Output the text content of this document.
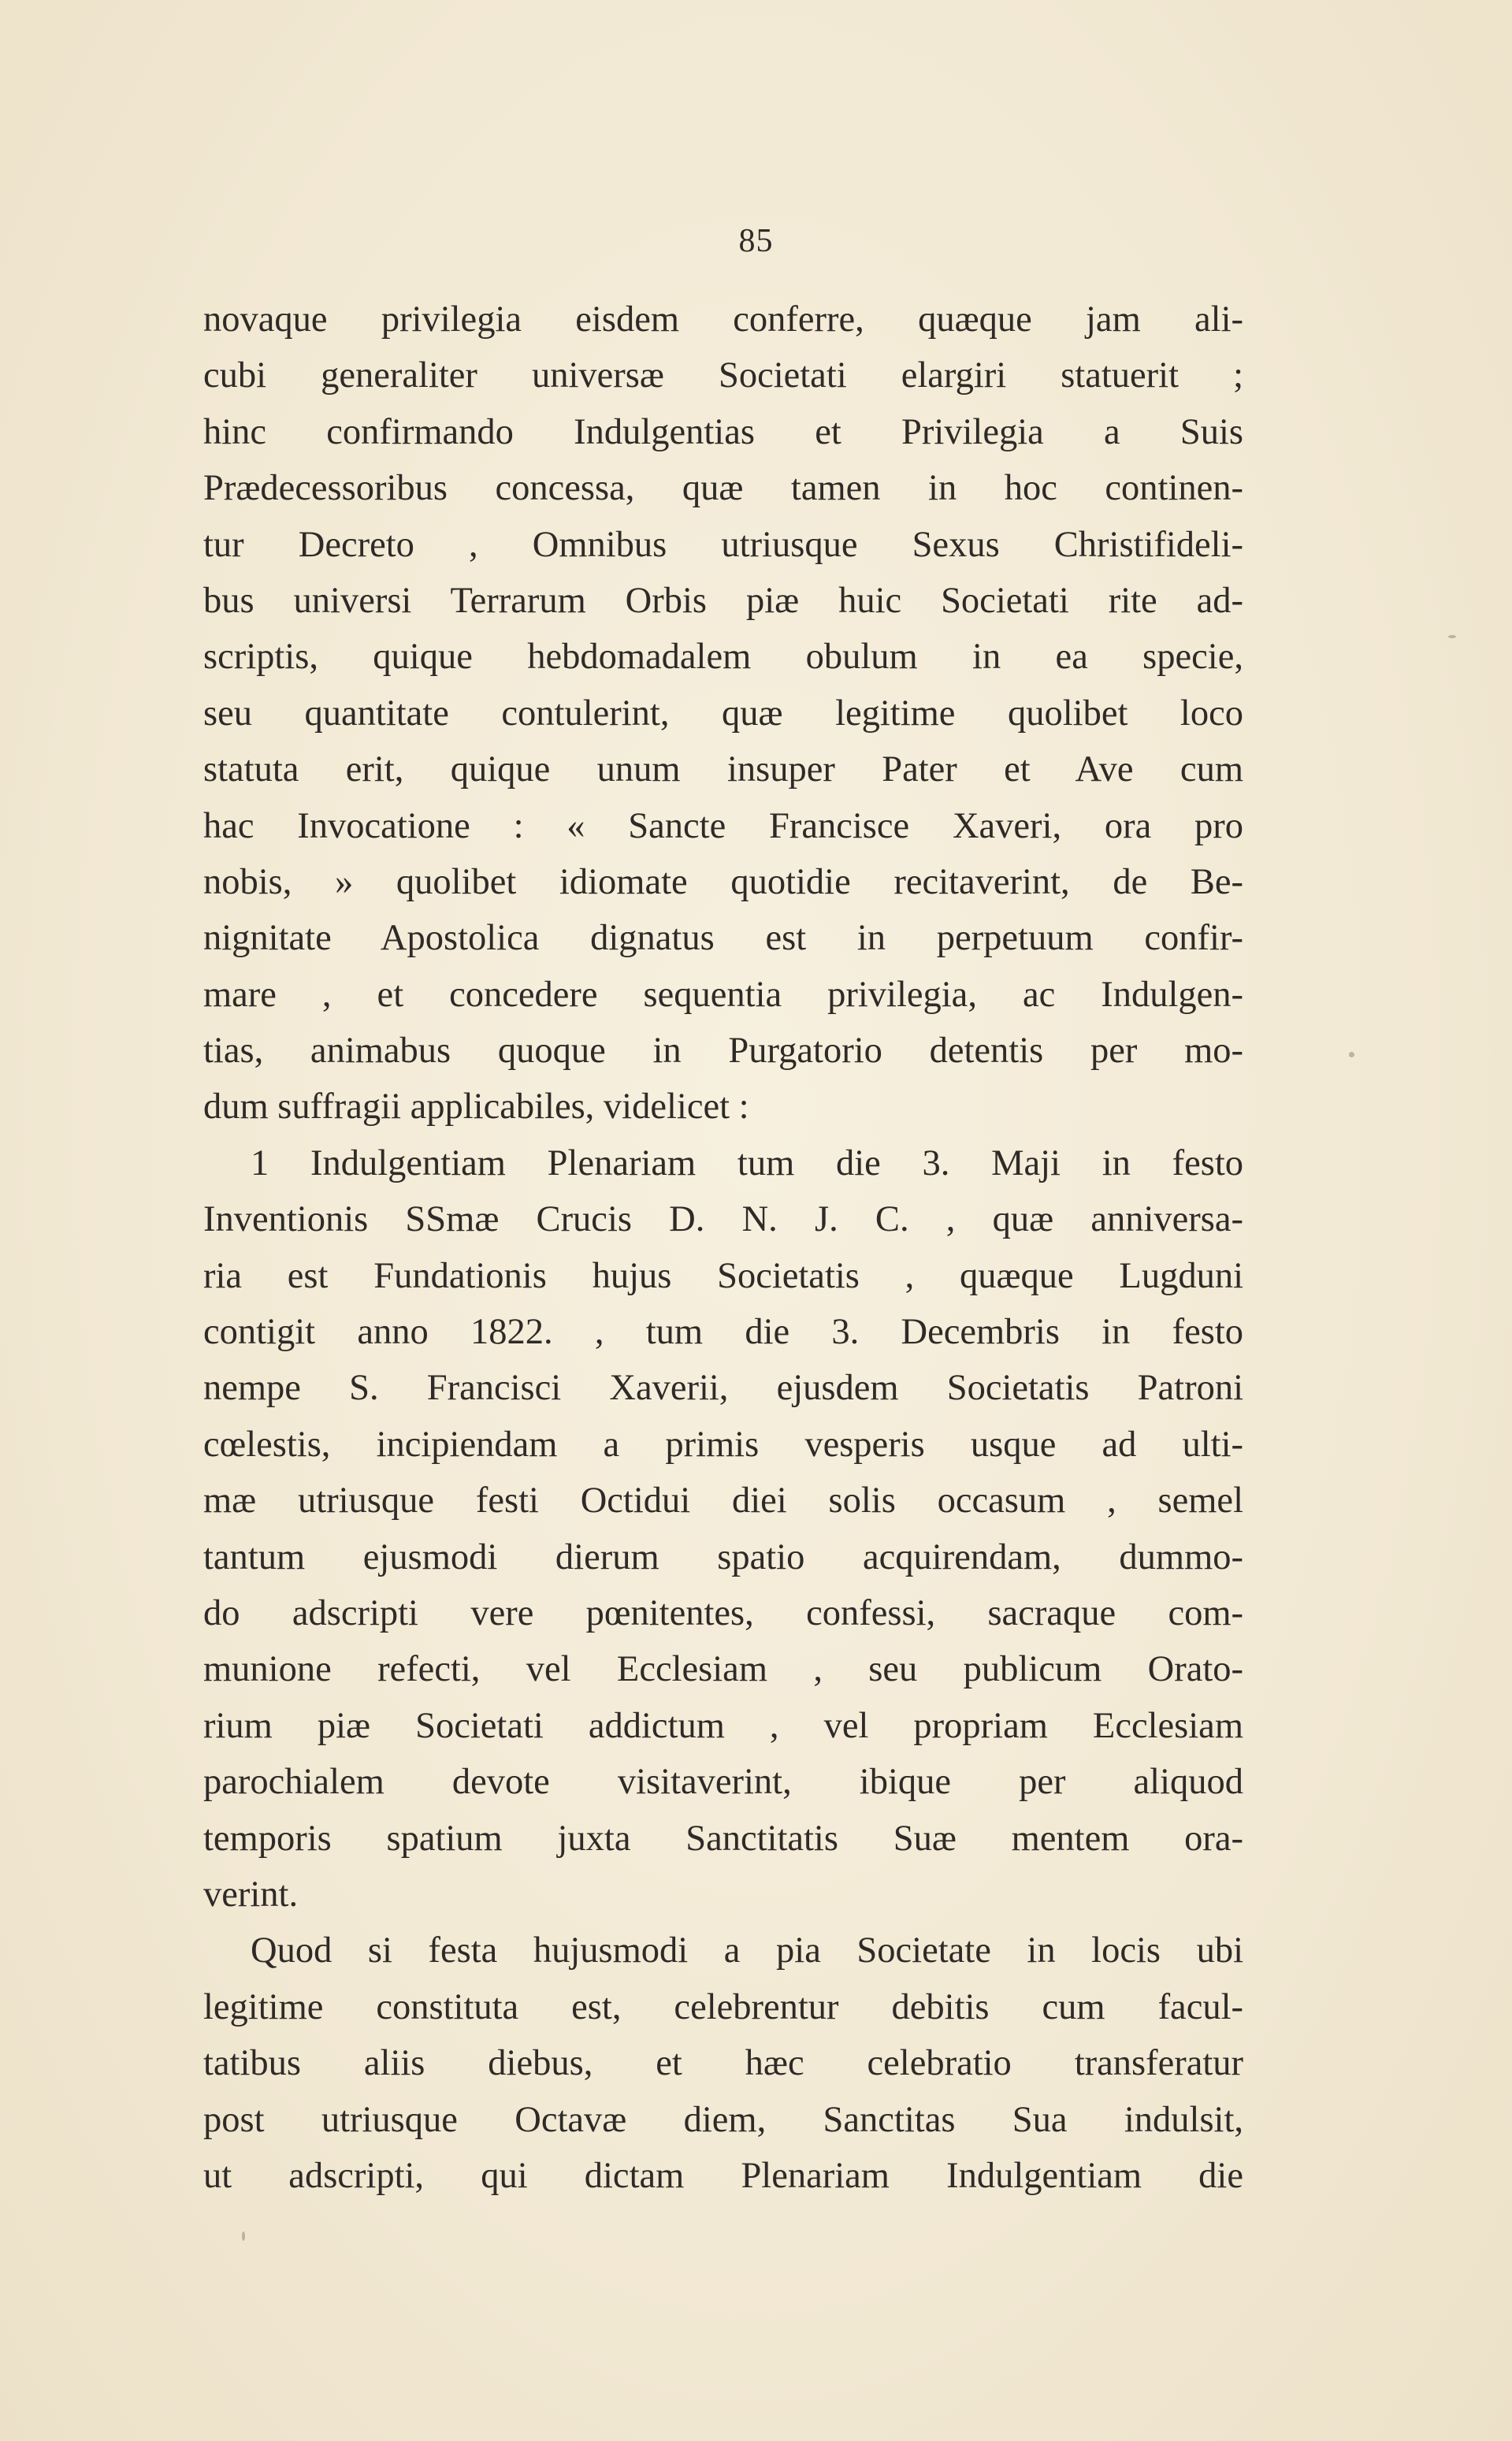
85
novaque privilegia eisdem conferre, quæque jam ali-
cubi generaliter universæ Societati elargiri statuerit ;
hinc confirmando Indulgentias et Privilegia a Suis
Prædecessoribus concessa, quæ tamen in hoc continen-
tur Decreto , Omnibus utriusque Sexus Christifideli-
bus universi Terrarum Orbis piæ huic Societati rite ad-
scriptis, quique hebdomadalem obulum in ea specie,
seu quantitate contulerint, quæ legitime quolibet loco
statuta erit, quique unum insuper Pater et Ave cum
hac Invocatione : « Sancte Francisce Xaveri, ora pro
nobis, » quolibet idiomate quotidie recitaverint, de Be-
nignitate Apostolica dignatus est in perpetuum confir-
mare , et concedere sequentia privilegia, ac Indulgen-
tias, animabus quoque in Purgatorio detentis per mo-
dum suffragii applicabiles, videlicet :
1 Indulgentiam Plenariam tum die 3. Maji in festo
Inventionis SSmæ Crucis D. N. J. C. , quæ anniversa-
ria est Fundationis hujus Societatis , quæque Lugduni
contigit anno 1822. , tum die 3. Decembris in festo
nempe S. Francisci Xaverii, ejusdem Societatis Patroni
cœlestis, incipiendam a primis vesperis usque ad ulti-
mæ utriusque festi Octidui diei solis occasum , semel
tantum ejusmodi dierum spatio acquirendam, dummo-
do adscripti vere pœnitentes, confessi, sacraque com-
munione refecti, vel Ecclesiam , seu publicum Orato-
rium piæ Societati addictum , vel propriam Ecclesiam
parochialem devote visitaverint, ibique per aliquod
temporis spatium juxta Sanctitatis Suæ mentem ora-
verint.
Quod si festa hujusmodi a pia Societate in locis ubi
legitime constituta est, celebrentur debitis cum facul-
tatibus aliis diebus, et hæc celebratio transferatur
post utriusque Octavæ diem, Sanctitas Sua indulsit,
ut adscripti, qui dictam Plenariam Indulgentiam die
